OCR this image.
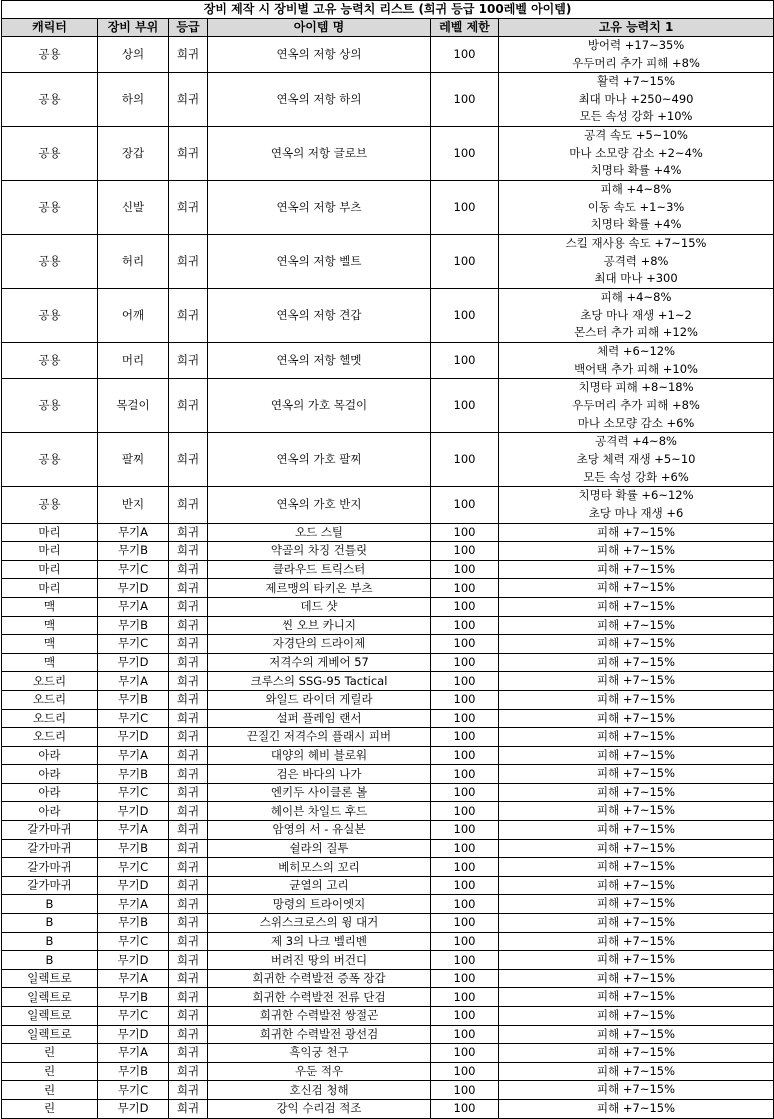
장비 제작 시 장비별 고유 능력치 리스트 (희귀 등급 100레벨 아이템)					
캐릭터	장비 부위	등급	아이템 명	레벨 제한	고유 능력치 1
공용	상의	희귀	연옥의 저항 상의	100	방어력 +17~35%
우두머리 추가 피해 +8%

공용	하의	희귀	연옥의 저항 하의	100	활력 +7~15%
최대 마나 +250~490
모든 속성 강화 +10%

공용	장갑	희귀	연옥의 저항 글로브	100	공격 속도 +5~10%
마나 소모량 감소 +2~4%
치명타 확률 +4%

공용	신발	희귀	연옥의 저항 부츠	100	피해 +4~8%
이동 속도 +1~3%
치명타 확률 +4%

공용	허리	희귀	연옥의 저항 벨트	100	스킬 재사용 속도 +7~15%
공격력 +8%
최대 마나 +300

공용	어깨	희귀	연옥의 저항 견갑	100	피해 +4~8%
초당 마나 재생 +1~2
몬스터 추가 피해 +12%

공용	머리	희귀	연옥의 저항 헬멧	100	체력 +6~12%
백어택 추가 피해 +10%

공용	목걸이	희귀	연옥의 가호 목걸이	100	치명타 피해 +8~18%
우두머리 추가 피해 +8%
마나 소모량 감소 +6%

공용	팔찌	희귀	연옥의 가호 팔찌	100	공격력 +4~8%
초당 체력 재생 +5~10
모든 속성 강화 +6%

공용	반지	희귀	연옥의 가호 반지	100	치명타 확률 +6~12%
초당 마나 재생 +6

마리	무기A	희귀	오드 스틸	100	피해 +7~15%

마리	무기B	희귀	약골의 차징 건틀릿	100	피해 +7~15%

마리	무기C	희귀	클라우드 트릭스터	100	피해 +7~15%

마리	무기D	희귀	제르맹의 타키온 부츠	100	피해 +7~15%

맥	무기A	희귀	데드 샷	100	피해 +7~15%

맥	무기B	희귀	씬 오브 카니지	100	피해 +7~15%

맥	무기C	희귀	자경단의 드라이제	100	피해 +7~15%

맥	무기D	희귀	저격수의 게베어 57	100	피해 +7~15%

오드리	무기A	희귀	크루스의 SSG-95 Tactical	100	피해 +7~15%

오드리	무기B	희귀	와일드 라이더 게릴라	100	피해 +7~15%

오드리	무기C	희귀	설퍼 플레임 랜서	100	피해 +7~15%

오드리	무기D	희귀	끈질긴 저격수의 플래시 피버	100	피해 +7~15%

아라	무기A	희귀	대양의 헤비 블로워	100	피해 +7~15%

아라	무기B	희귀	검은 바다의 나가	100	피해 +7~15%

아라	무기C	희귀	엔키두 사이클론 볼	100	피해 +7~15%

아라	무기D	희귀	헤이븐 차일드 후드	100	피해 +7~15%

갈가마귀	무기A	희귀	암영의 서 - 유실본	100	피해 +7~15%

갈가마귀	무기B	희귀	쉴라의 질투	100	피해 +7~15%

갈가마귀	무기C	희귀	베히모스의 꼬리	100	피해 +7~15%

갈가마귀	무기D	희귀	균열의 고리	100	피해 +7~15%

B	무기A	희귀	망령의 트라이엣지	100	피해 +7~15%

B	무기B	희귀	스위스크로스의 윙 대거	100	피해 +7~15%

B	무기C	희귀	제 3의 나크 벨리벤	100	피해 +7~15%

B	무기D	희귀	버려진 땅의 버건디	100	피해 +7~15%

일렉트로	무기A	희귀	희귀한 수력발전 증폭 장갑	100	피해 +7~15%

일렉트로	무기B	희귀	희귀한 수력발전 전류 단검	100	피해 +7~15%

일렉트로	무기C	희귀	희귀한 수력발전 쌍절곤	100	피해 +7~15%

일렉트로	무기D	희귀	희귀한 수력발전 광선검	100	피해 +7~15%

린	무기A	희귀	흑익궁 천구	100	피해 +7~15%

린	무기B	희귀	우둔 적우	100	피해 +7~15%

린	무기C	희귀	호신검 청해	100	피해 +7~15%

린	무기D	희귀	강익 수리검 적조	100	피해 +7~15%
